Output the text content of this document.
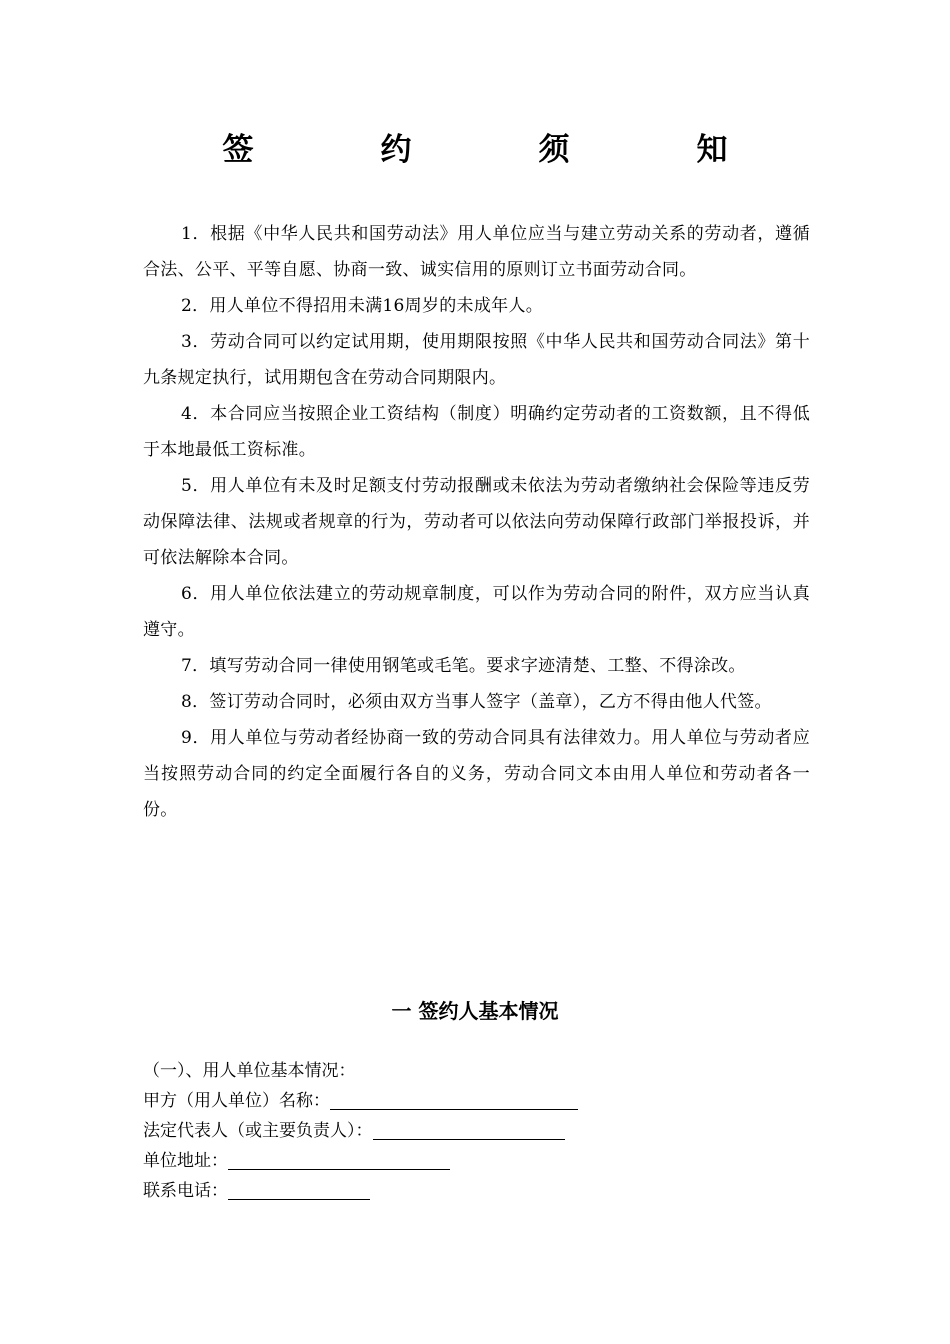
签　约　须　知
1．根据《中华人民共和国劳动法》用人单位应当与建立劳动关系的劳动者，遵循合法、公平、平等自愿、协商一致、诚实信用的原则订立书面劳动合同。
2．用人单位不得招用未满16周岁的未成年人。
3．劳动合同可以约定试用期，使用期限按照《中华人民共和国劳动合同法》第十九条规定执行，试用期包含在劳动合同期限内。
4．本合同应当按照企业工资结构（制度）明确约定劳动者的工资数额，且不得低于本地最低工资标准。
5．用人单位有未及时足额支付劳动报酬或未依法为劳动者缴纳社会保险等违反劳动保障法律、法规或者规章的行为，劳动者可以依法向劳动保障行政部门举报投诉，并可依法解除本合同。
6．用人单位依法建立的劳动规章制度，可以作为劳动合同的附件，双方应当认真遵守。
7．填写劳动合同一律使用钢笔或毛笔。要求字迹清楚、工整、不得涂改。
8．签订劳动合同时，必须由双方当事人签字（盖章），乙方不得由他人代签。
9．用人单位与劳动者经协商一致的劳动合同具有法律效力。用人单位与劳动者应当按照劳动合同的约定全面履行各自的义务，劳动合同文本由用人单位和劳动者各一份。
一 签约人基本情况
（一）、用人单位基本情况：
甲方（用人单位）名称：
法定代表人（或主要负责人）：
单位地址：
联系电话：
